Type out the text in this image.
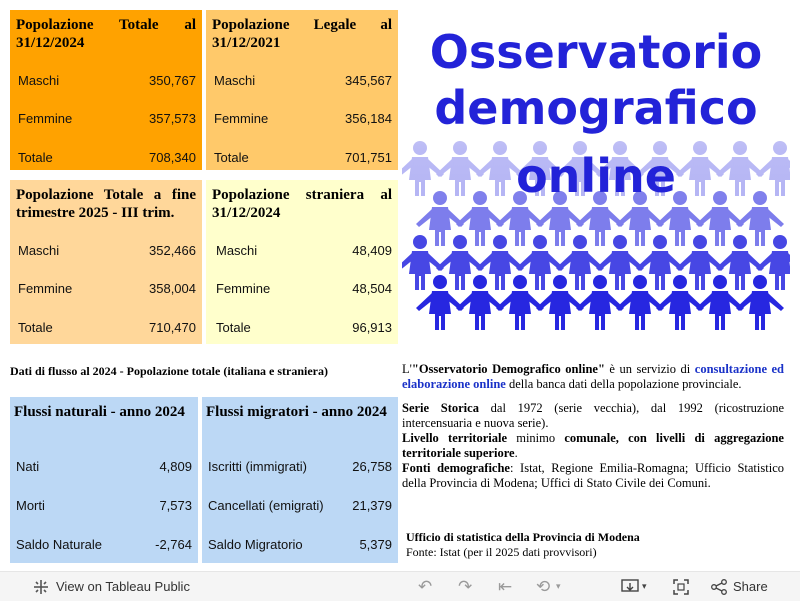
Popolazione Totale al 31/12/2024
Maschi	350,767
Femmine	357,573
Totale	708,340
Popolazione Legale al 31/12/2021
Maschi	345,567
Femmine	356,184
Totale	701,751
Popolazione Totale a fine trimestre 2025 - III trim.
Maschi	352,466
Femmine	358,004
Totale	710,470
Popolazione straniera al 31/12/2024
Maschi	48,409
Femmine	48,504
Totale	96,913
Osservatorio
demografico
online
Dati di flusso al 2024 - Popolazione totale (italiana e straniera)
Flussi naturali - anno 2024
Nati	4,809
Morti	7,573
Saldo Naturale	-2,764
Flussi migratori - anno 2024
Iscritti (immigrati)	26,758
Cancellati (emigrati) 21,379
Saldo Migratorio	5,379

L'"Osservatorio Demografico online" è un servizio di consultazione ed elaborazione online della banca dati della popolazione provinciale.

Serie Storica dal 1972 (serie vecchia), dal 1992 (ricostruzione intercensuaria e nuova serie).

Livello territoriale minimo comunale, con livelli di aggregazione territoriale superiore.

Fonti demografiche: Istat, Regione Emilia-Romagna; Ufficio Statistico della Provincia di Modena; Uffici di Stato Civile dei Comuni.

Ufficio di statistica della Provincia di Modena
Fonte: Istat (per il 2025 dati provvisori)
View on Tableau Public	↶ ↷ ⇤ ⟲ ▾	▾	Share
